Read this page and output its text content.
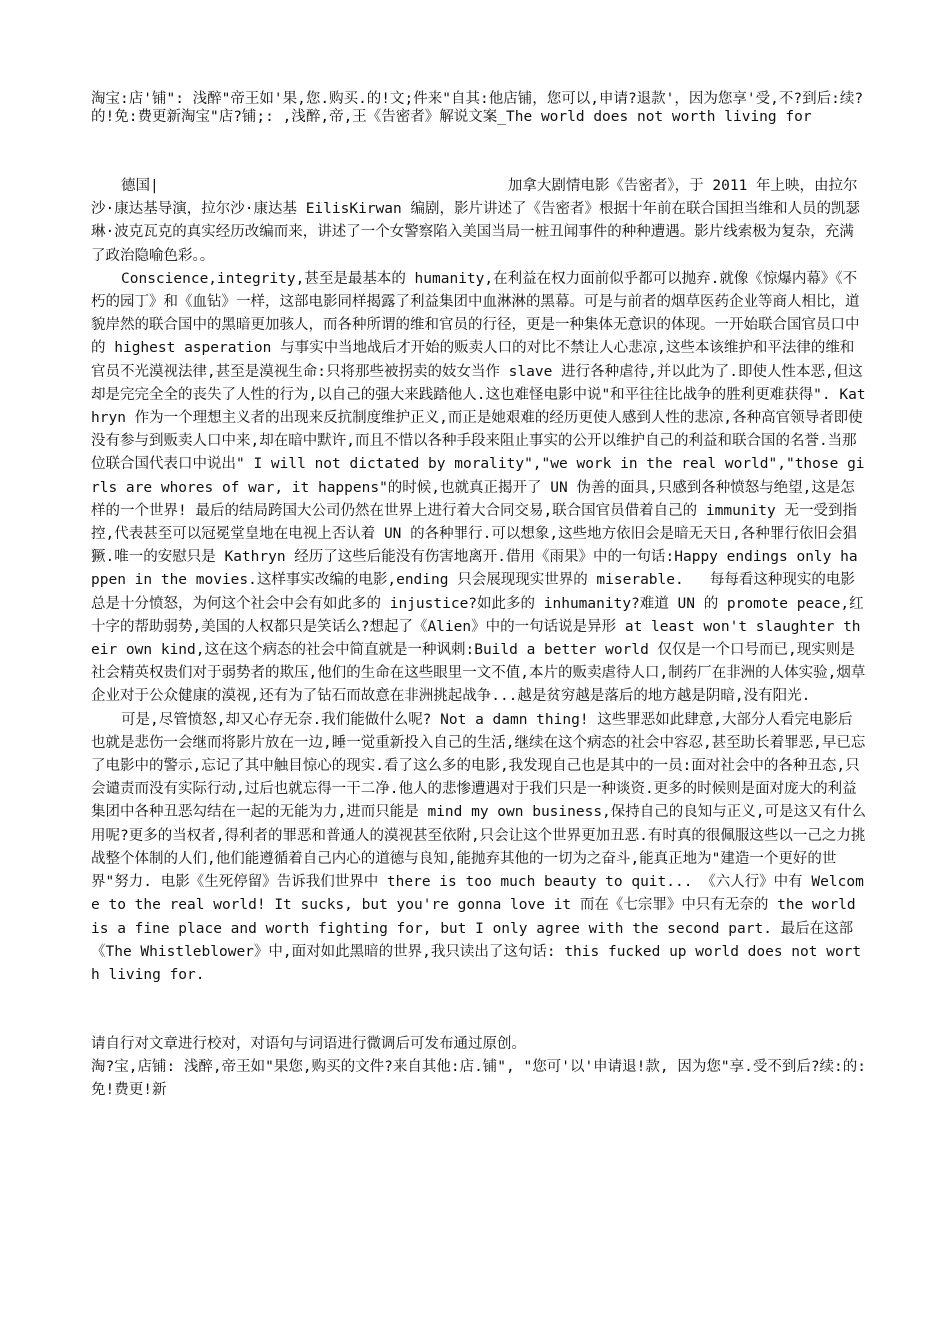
淘宝:店'铺": 浅醉"帝王如'果,您.购买.的!文;件来"自其:他店铺，您可以,申请?退款'，因为您享'受,不?到后:续?的!免:费更新淘宝"店?铺;: ,浅醉,帝,王《告密者》解说文案_The world does not worth living for

德国|                                        加拿大剧情电影《告密者》，于 2011 年上映，由拉尔沙·康达基导演，拉尔沙·康达基 EilisKirwan 编剧，影片讲述了《告密者》根据十年前在联合国担当维和人员的凯瑟琳·波克瓦克的真实经历改编而来，讲述了一个女警察陷入美国当局一桩丑闻事件的种种遭遇。影片线索极为复杂，充满了政治隐喻色彩。。

Conscience,integrity,甚至是最基本的 humanity,在利益在权力面前似乎都可以抛弃.就像《惊爆内幕》《不朽的园丁》和《血钻》一样，这部电影同样揭露了利益集团中血淋淋的黑幕。可是与前者的烟草医药企业等商人相比，道貌岸然的联合国中的黑暗更加骇人，而各种所谓的维和官员的行径，更是一种集体无意识的体现。一开始联合国官员口中的 highest asperation 与事实中当地战后才开始的贩卖人口的对比不禁让人心悲凉,这些本该维护和平法律的维和官员不光漠视法律,甚至是漠视生命:只将那些被拐卖的妓女当作 slave 进行各种虐待,并以此为了.即使人性本恶,但这却是完完全全的丧失了人性的行为,以自己的强大来践踏他人.这也难怪电影中说"和平往往比战争的胜利更难获得". Kathryn 作为一个理想主义者的出现来反抗制度维护正义,而正是她艰难的经历更使人感到人性的悲凉,各种高官领导者即使没有参与到贩卖人口中来,却在暗中默许,而且不惜以各种手段来阻止事实的公开以维护自己的利益和联合国的名誉.当那位联合国代表口中说出" I will not dictated by morality","we work in the real world","those girls are whores of war, it happens"的时候,也就真正揭开了 UN 伪善的面具,只感到各种愤怒与绝望,这是怎样的一个世界! 最后的结局跨国大公司仍然在世界上进行着大合同交易,联合国官员借着自己的 immunity 无一受到指控,代表甚至可以冠冕堂皇地在电视上否认着 UN 的各种罪行.可以想象,这些地方依旧会是暗无天日,各种罪行依旧会猖獗.唯一的安慰只是 Kathryn 经历了这些后能没有伤害地离开.借用《雨果》中的一句话:Happy endings only happen in the movies.这样事实改编的电影,ending 只会展现现实世界的 miserable.   每每看这种现实的电影总是十分愤怒，为何这个社会中会有如此多的 injustice?如此多的 inhumanity?难道 UN 的 promote peace,红十字的帮助弱势,美国的人权都只是笑话么?想起了《Alien》中的一句话说是异形 at least won't slaughter their own kind,这在这个病态的社会中简直就是一种讽刺:Build a better world 仅仅是一个口号而已,现实则是社会精英权贵们对于弱势者的欺压,他们的生命在这些眼里一文不值,本片的贩卖虐待人口,制药厂在非洲的人体实验,烟草企业对于公众健康的漠视,还有为了钻石而故意在非洲挑起战争...越是贫穷越是落后的地方越是阴暗,没有阳光.

可是,尽管愤怒,却又心存无奈.我们能做什么呢? Not a damn thing! 这些罪恶如此肆意,大部分人看完电影后也就是悲伤一会继而将影片放在一边,睡一觉重新投入自己的生活,继续在这个病态的社会中容忍,甚至助长着罪恶,早已忘了电影中的警示,忘记了其中触目惊心的现实.看了这么多的电影,我发现自己也是其中的一员:面对社会中的各种丑态,只会谴责而没有实际行动,过后也就忘得一干二净.他人的悲惨遭遇对于我们只是一种谈资.更多的时候则是面对庞大的利益集团中各种丑恶勾结在一起的无能为力,进而只能是 mind my own business,保持自己的良知与正义,可是这又有什么用呢?更多的当权者,得利者的罪恶和普通人的漠视甚至依附,只会让这个世界更加丑恶.有时真的很佩服这些以一己之力挑战整个体制的人们,他们能遵循着自己内心的道德与良知,能抛弃其他的一切为之奋斗,能真正地为"建造一个更好的世界"努力. 电影《生死停留》告诉我们世界中 there is too much beauty to quit... 《六人行》中有 Welcome to the real world! It sucks, but you're gonna love it 而在《七宗罪》中只有无奈的 the world is a fine place and worth fighting for, but I only agree with the second part. 最后在这部《The Whistleblower》中,面对如此黑暗的世界,我只读出了这句话: this fucked up world does not worth living for.

请自行对文章进行校对，对语句与词语进行微调后可发布通过原创。

淘?宝,店铺: 浅醉,帝王如"果您,购买的文件?来自其他:店.铺", "您可'以'申请退!款, 因为您"享.受不到后?续:的:免!费更!新
